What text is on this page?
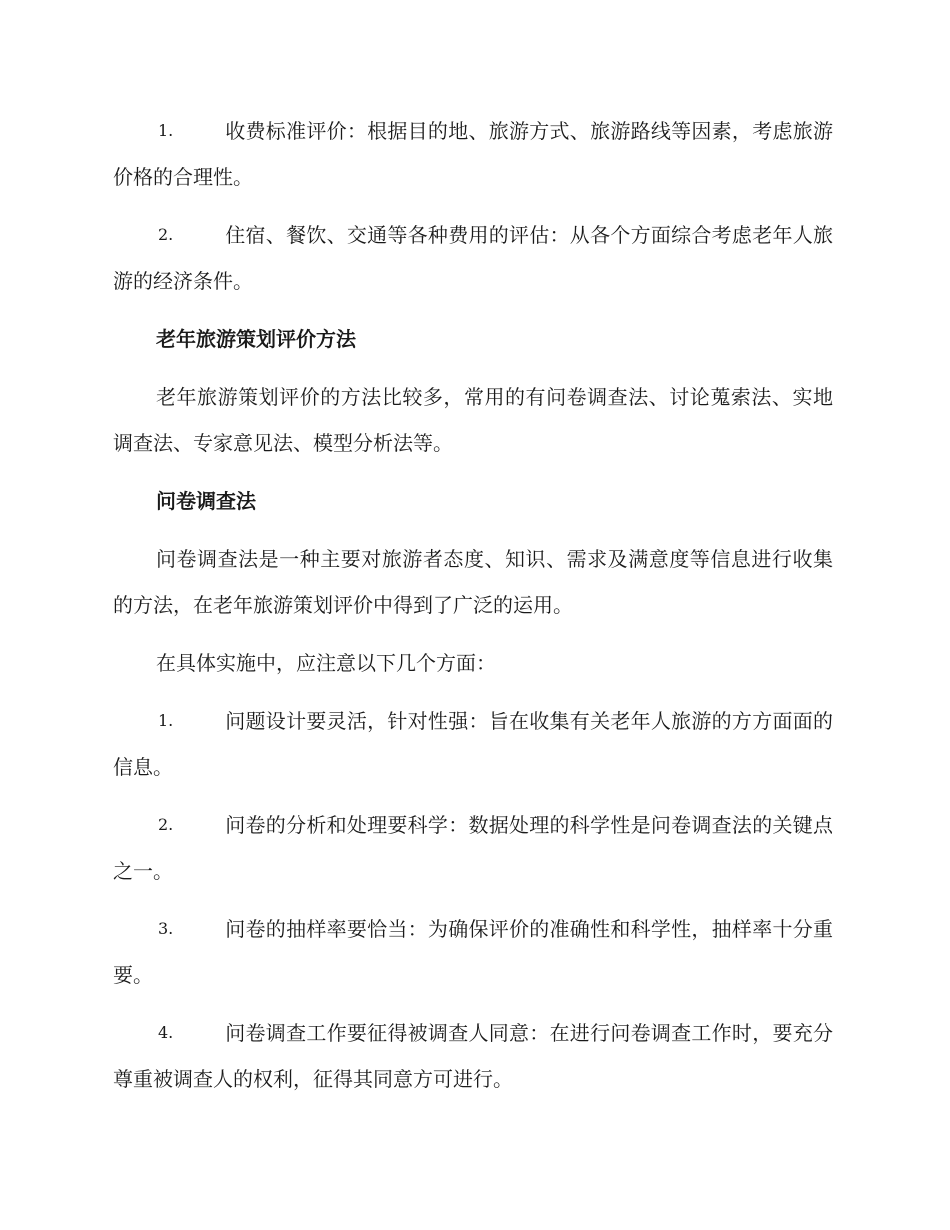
1.	收费标准评价：根据目的地、旅游方式、旅游路线等因素，考虑旅游价格的合理性。

2.	住宿、餐饮、交通等各种费用的评估：从各个方面综合考虑老年人旅游的经济条件。

老年旅游策划评价方法

老年旅游策划评价的方法比较多，常用的有问卷调查法、讨论蒐索法、实地调查法、专家意见法、模型分析法等。

问卷调查法

问卷调查法是一种主要对旅游者态度、知识、需求及满意度等信息进行收集的方法，在老年旅游策划评价中得到了广泛的运用。

在具体实施中，应注意以下几个方面：

1.	问题设计要灵活，针对性强：旨在收集有关老年人旅游的方方面面的信息。

2.	问卷的分析和处理要科学：数据处理的科学性是问卷调查法的关键点之一。

3.	问卷的抽样率要恰当：为确保评价的准确性和科学性，抽样率十分重要。

4.	问卷调查工作要征得被调查人同意：在进行问卷调查工作时，要充分尊重被调查人的权利，征得其同意方可进行。
